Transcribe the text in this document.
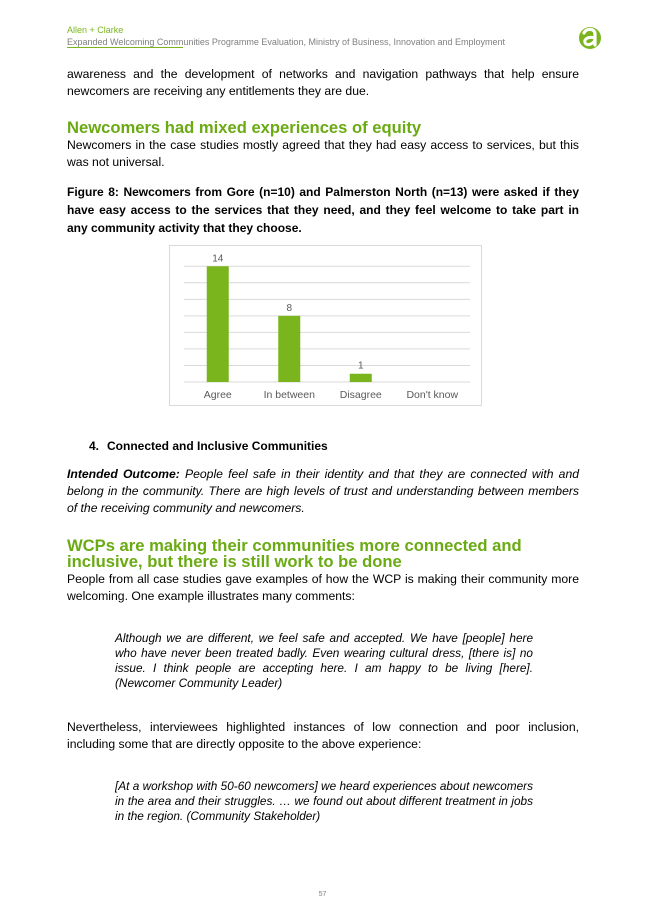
Allen + Clarke
Expanded Welcoming Communities Programme Evaluation, Ministry of Business, Innovation and Employment
awareness and the development of networks and navigation pathways that help ensure newcomers are receiving any entitlements they are due.
Newcomers had mixed experiences of equity
Newcomers in the case studies mostly agreed that they had easy access to services, but this was not universal.
Figure 8: Newcomers from Gore (n=10) and Palmerston North (n=13) were asked if they have easy access to the services that they need, and they feel welcome to take part in any community activity that they choose.
14
Agree
8
In between
1
Disagree Don't know
4. Connected and Inclusive Communities
Intended Outcome: People feel safe in their identity and that they are connected with and belong in the community. There are high levels of trust and understanding between members of the receiving community and newcomers.
WCPs are making their communities more connected and inclusive, but there is still work to be done
People from all case studies gave examples of how the WCP is making their community more welcoming. One example illustrates many comments:
Although we are different, we feel safe and accepted. We have [people] here who have never been treated badly. Even wearing cultural dress, [there is] no issue. I think people are accepting here. I am happy to be living [here]. (Newcomer Community Leader)
Nevertheless, interviewees highlighted instances of low connection and poor inclusion, including some that are directly opposite to the above experience:
[At a workshop with 50-60 newcomers] we heard experiences about newcomers in the area and their struggles. … we found out about different treatment in jobs in the region. (Community Stakeholder)
57
